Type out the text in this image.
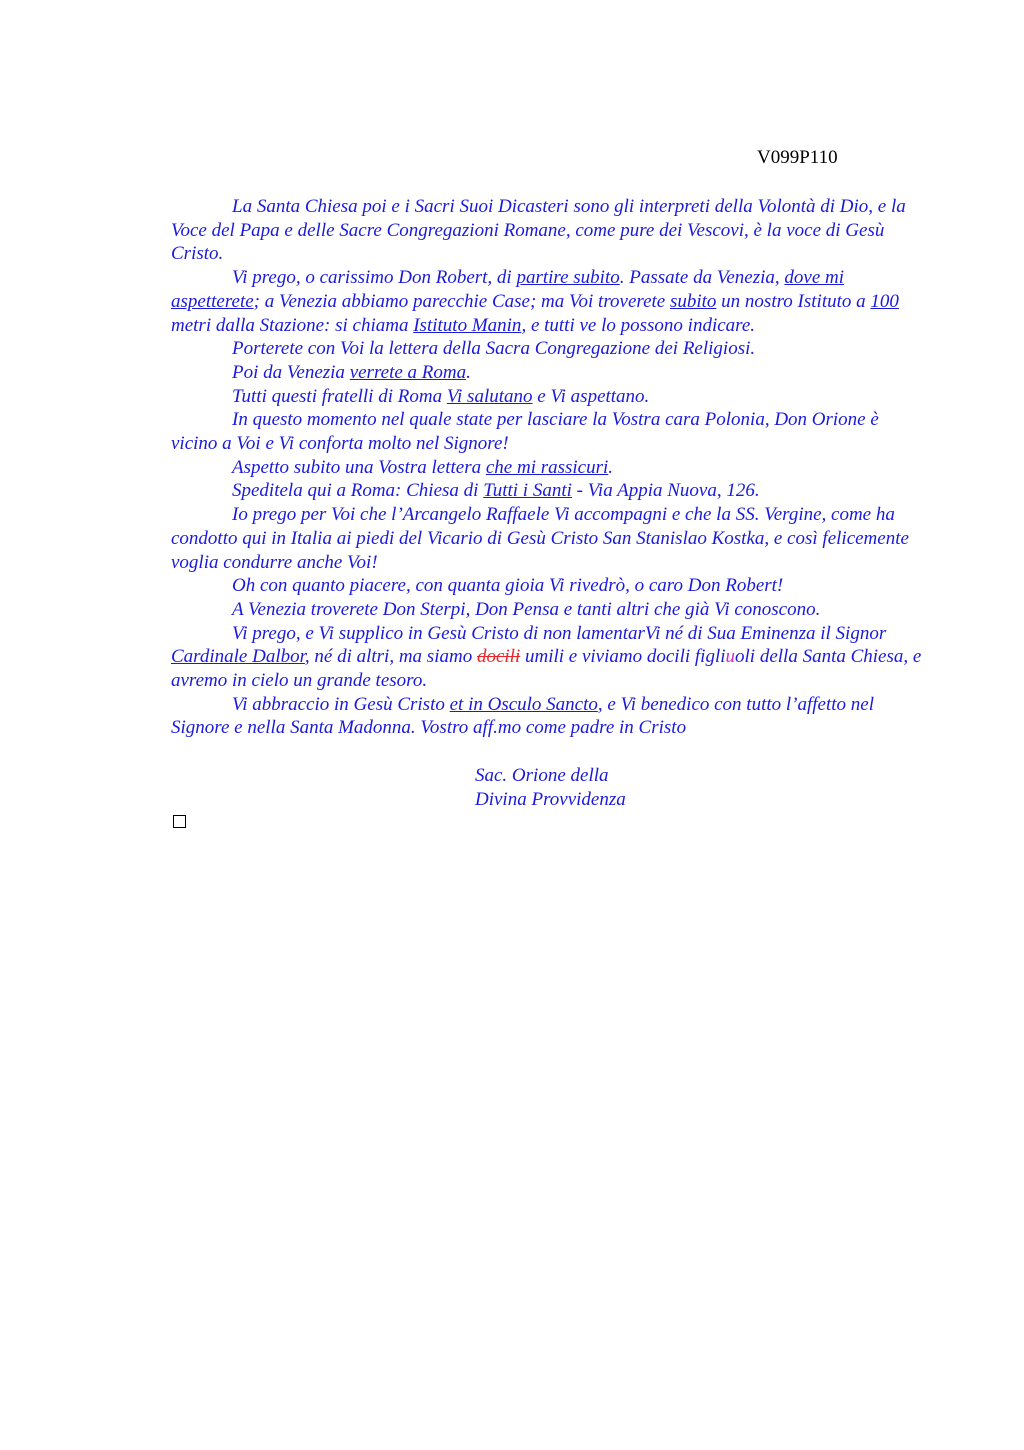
V099P110

La Santa Chiesa poi e i Sacri Suoi Dicasteri sono gli interpreti della Volontà di Dio, e la Voce del Papa e delle Sacre Congregazioni Romane, come pure dei Vescovi, è la voce di Gesù Cristo.

Vi prego, o carissimo Don Robert, di partire subito. Passate da Venezia, dove mi aspetterete; a Venezia abbiamo parecchie Case; ma Voi troverete subito un nostro Istituto a 100 metri dalla Stazione: si chiama Istituto Manin, e tutti ve lo possono indicare.

Porterete con Voi la lettera della Sacra Congregazione dei Religiosi.

Poi da Venezia verrete a Roma.

Tutti questi fratelli di Roma Vi salutano e Vi aspettano.

In questo momento nel quale state per lasciare la Vostra cara Polonia, Don Orione è vicino a Voi e Vi conforta molto nel Signore!

Aspetto subito una Vostra lettera che mi rassicuri.

Speditela qui a Roma: Chiesa di Tutti i Santi - Via Appia Nuova, 126.

Io prego per Voi che l’Arcangelo Raffaele Vi accompagni e che la SS. Vergine, come ha condotto qui in Italia ai piedi del Vicario di Gesù Cristo San Stanislao Kostka, e così felicemente voglia condurre anche Voi!

Oh con quanto piacere, con quanta gioia Vi rivedrò, o caro Don Robert!

A Venezia troverete Don Sterpi, Don Pensa e tanti altri che già Vi conoscono.

Vi prego, e Vi supplico in Gesù Cristo di non lamentarVi né di Sua Eminenza il Signor Cardinale Dalbor, né di altri, ma siamo docili umili e viviamo docili figliuoli della Santa Chiesa, e avremo in cielo un grande tesoro.

Vi abbraccio in Gesù Cristo et in Osculo Sancto, e Vi benedico con tutto l’affetto nel Signore e nella Santa Madonna. Vostro aff.mo come padre in Cristo

Sac. Orione della
Divina Provvidenza
